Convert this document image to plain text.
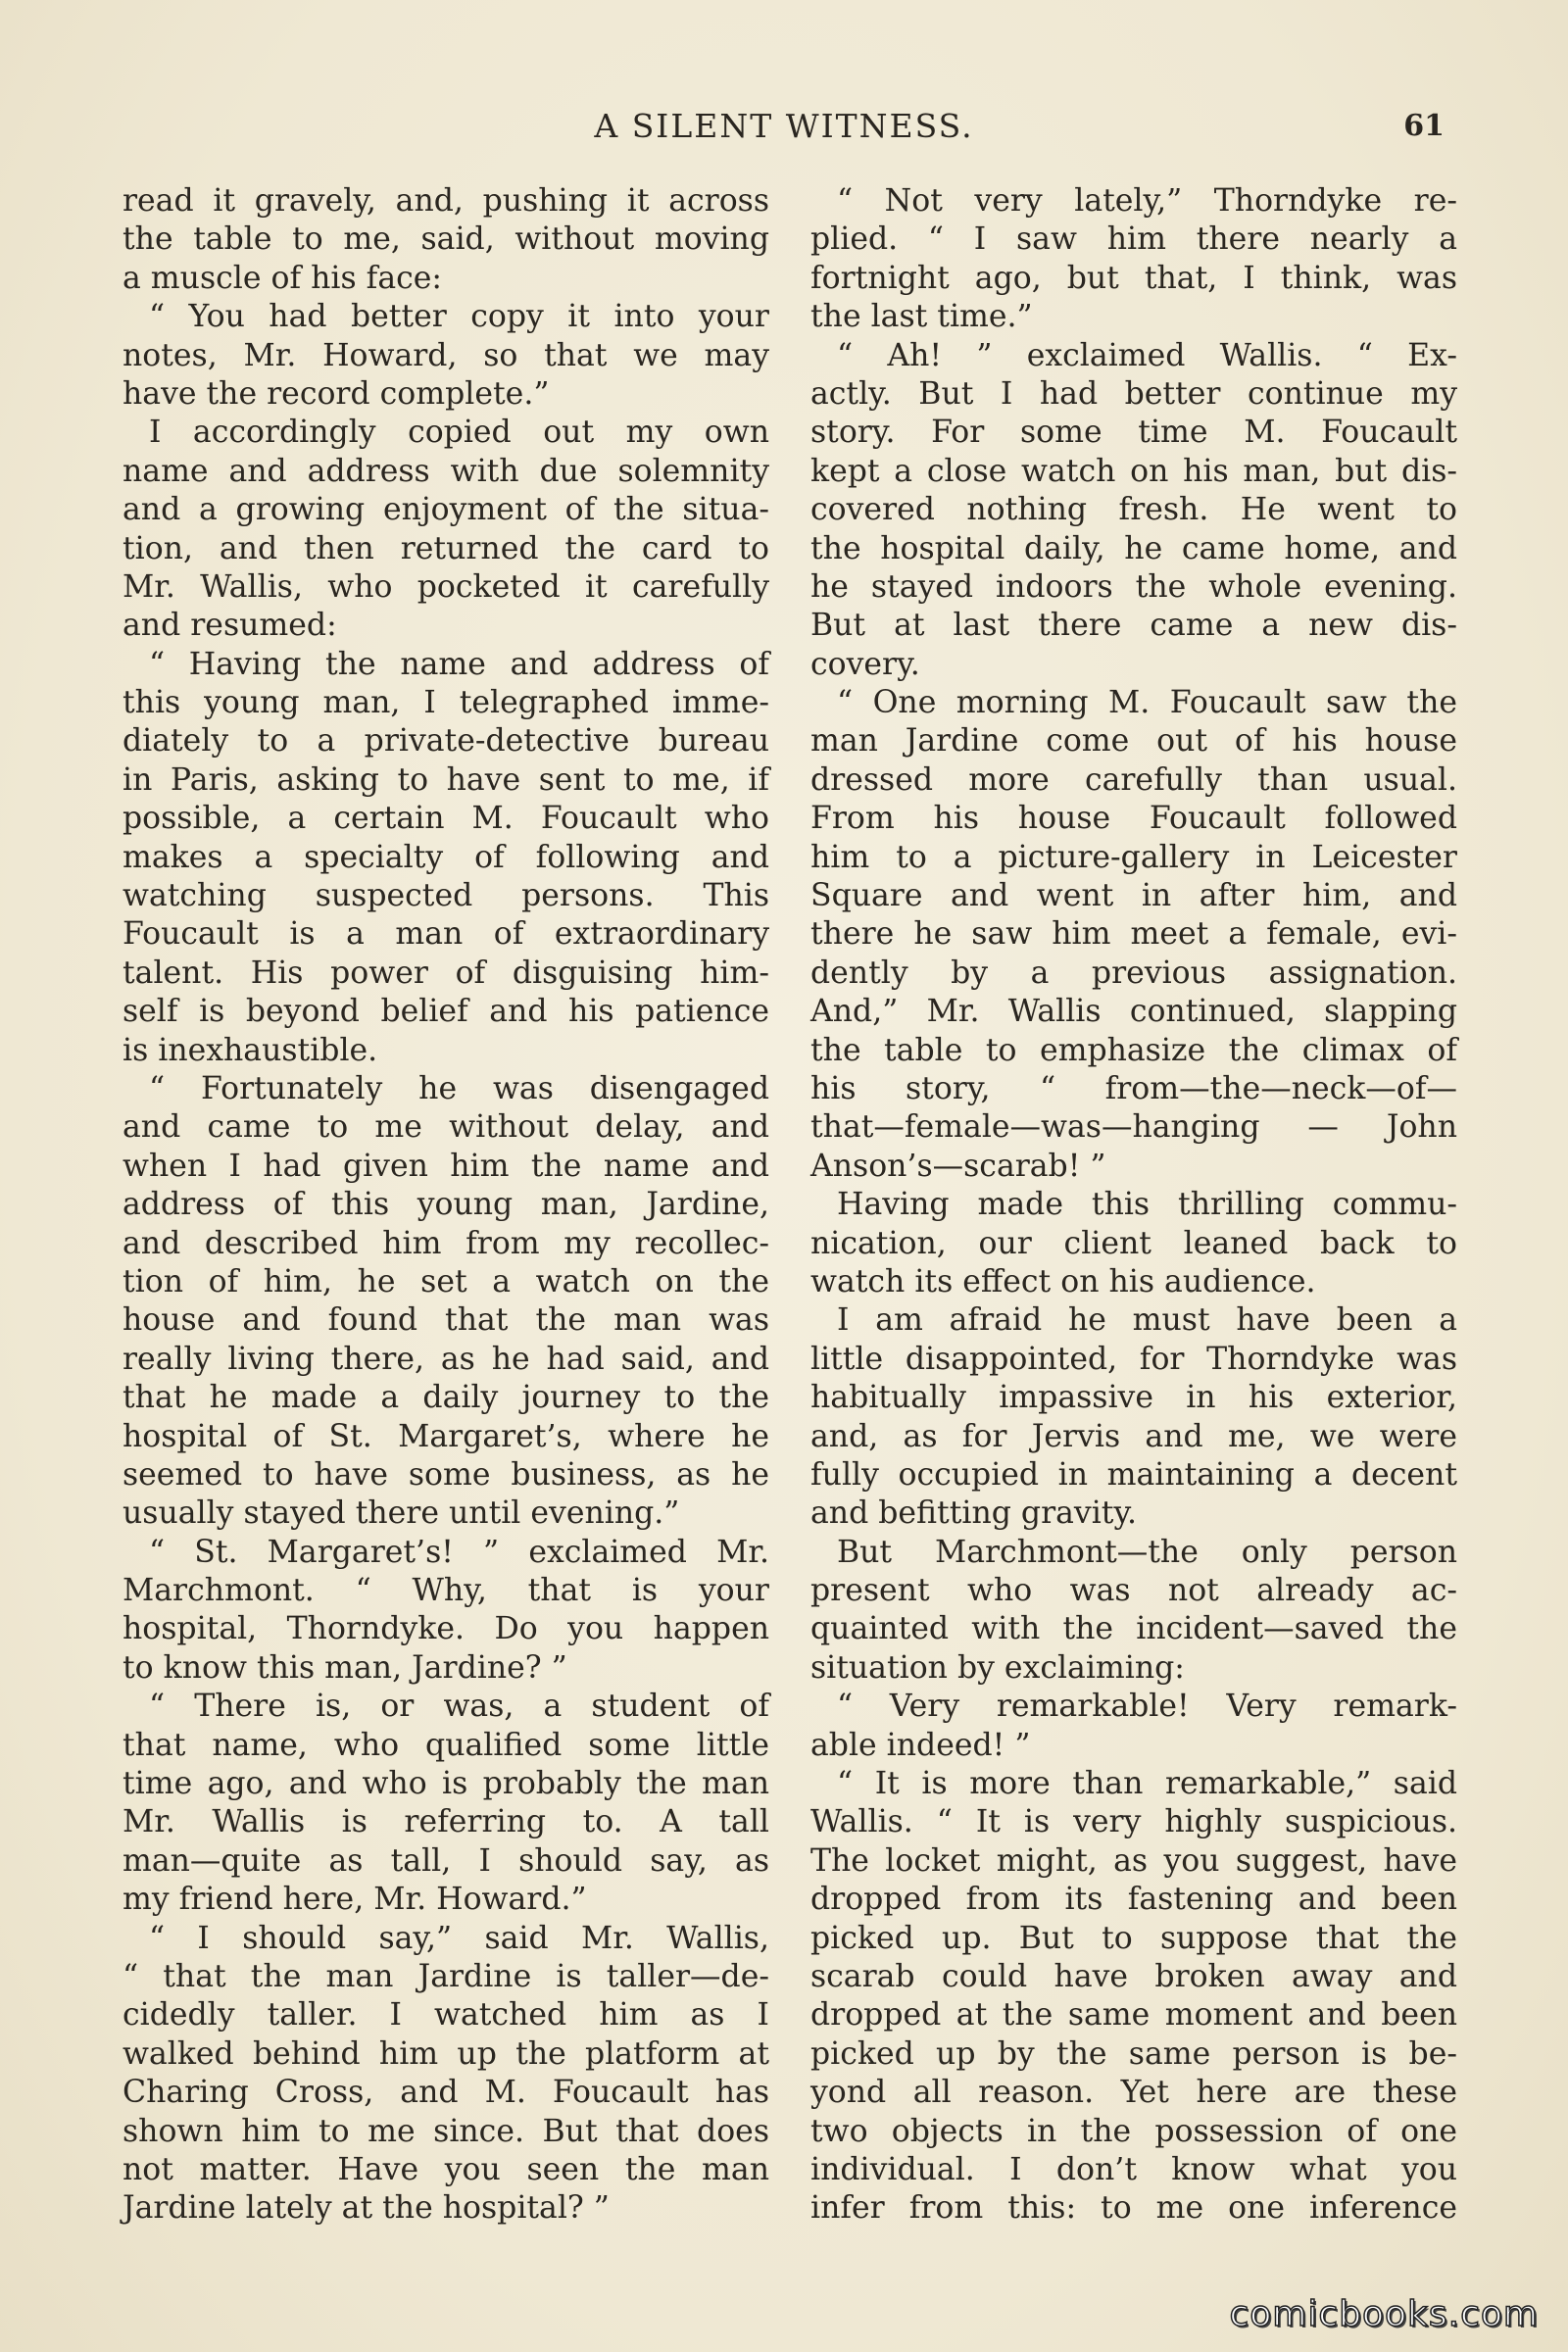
A SILENT WITNESS.	61
read it gravely, and, pushing it across
the table to me, said, without moving
a muscle of his face:
“ You had better copy it into your
notes, Mr. Howard, so that we may
have the record complete.”
I accordingly copied out my own
name and address with due solemnity
and a growing enjoyment of the situa-
tion, and then returned the card to
Mr. Wallis, who pocketed it carefully
and resumed:
“ Having the name and address of
this young man, I telegraphed imme-
diately to a private-detective bureau
in Paris, asking to have sent to me, if
possible, a certain M. Foucault who
makes a specialty of following and
watching suspected persons. This
Foucault is a man of extraordinary
talent. His power of disguising him-
self is beyond belief and his patience
is inexhaustible.
“ Fortunately he was disengaged
and came to me without delay, and
when I had given him the name and
address of this young man, Jardine,
and described him from my recollec-
tion of him, he set a watch on the
house and found that the man was
really living there, as he had said, and
that he made a daily journey to the
hospital of St. Margaret’s, where he
seemed to have some business, as he
usually stayed there until evening.”
“ St. Margaret’s! ” exclaimed Mr.
Marchmont. “ Why, that is your
hospital, Thorndyke. Do you happen
to know this man, Jardine? ”
“ There is, or was, a student of
that name, who qualified some little
time ago, and who is probably the man
Mr. Wallis is referring to. A tall
man—quite as tall, I should say, as
my friend here, Mr. Howard.”
“ I should say,” said Mr. Wallis,
“ that the man Jardine is taller—de-
cidedly taller. I watched him as I
walked behind him up the platform at
Charing Cross, and M. Foucault has
shown him to me since. But that does
not matter. Have you seen the man
Jardine lately at the hospital? ”
“ Not very lately,” Thorndyke re-
plied. “ I saw him there nearly a
fortnight ago, but that, I think, was
the last time.”
“ Ah! ” exclaimed Wallis. “ Ex-
actly. But I had better continue my
story. For some time M. Foucault
kept a close watch on his man, but dis-
covered nothing fresh. He went to
the hospital daily, he came home, and
he stayed indoors the whole evening.
But at last there came a new dis-
covery.
“ One morning M. Foucault saw the
man Jardine come out of his house
dressed more carefully than usual.
From his house Foucault followed
him to a picture-gallery in Leicester
Square and went in after him, and
there he saw him meet a female, evi-
dently by a previous assignation.
And,” Mr. Wallis continued, slapping
the table to emphasize the climax of
his story, “ from—the—neck—of—
that—female—was—hanging — John
Anson’s—scarab! ”
Having made this thrilling commu-
nication, our client leaned back to
watch its effect on his audience.
I am afraid he must have been a
little disappointed, for Thorndyke was
habitually impassive in his exterior,
and, as for Jervis and me, we were
fully occupied in maintaining a decent
and befitting gravity.
But Marchmont—the only person
present who was not already ac-
quainted with the incident—saved the
situation by exclaiming:
“ Very remarkable! Very remark-
able indeed! ”
“ It is more than remarkable,” said
Wallis. “ It is very highly suspicious.
The locket might, as you suggest, have
dropped from its fastening and been
picked up. But to suppose that the
scarab could have broken away and
dropped at the same moment and been
picked up by the same person is be-
yond all reason. Yet here are these
two objects in the possession of one
individual. I don’t know what you
infer from this: to me one inference
comicbooks.com
